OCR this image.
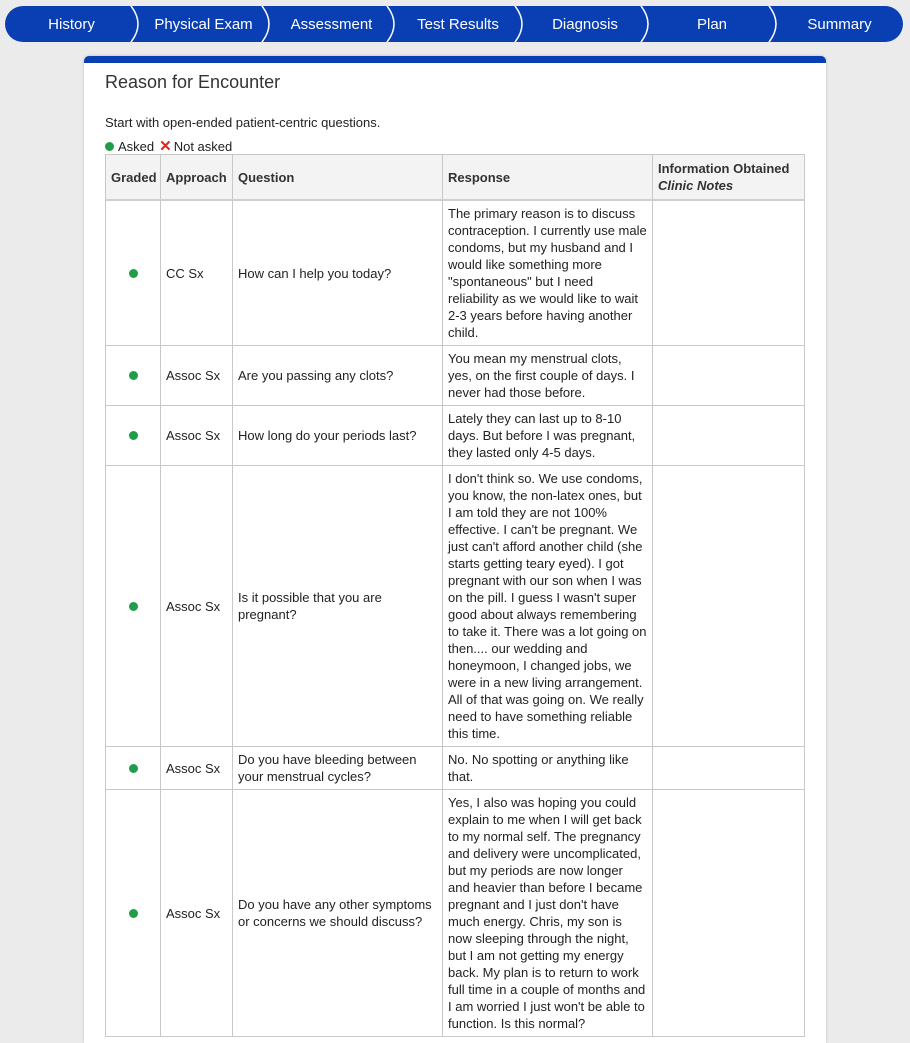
History	Physical Exam	Assessment	Test Results	Diagnosis	Plan	Summary
Reason for Encounter
Start with open-ended patient-centric questions.
Asked ✕ Not asked
Graded	Approach	Question	Response	Information Obtained
Clinic Notes

	CC Sx	How can I help you today?	The primary reason is to discuss contraception. I currently use male condoms, but my husband and I would like something more "spontaneous" but I need reliability as we would like to wait 2-3 years before having another child.	
	Assoc Sx	Are you passing any clots?	You mean my menstrual clots, yes, on the first couple of days. I never had those before.	
	Assoc Sx	How long do your periods last?	Lately they can last up to 8-10 days. But before I was pregnant, they lasted only 4-5 days.	
	Assoc Sx	Is it possible that you are pregnant?	I don't think so. We use condoms, you know, the non-latex ones, but I am told they are not 100% effective. I can't be pregnant. We just can't afford another child (she starts getting teary eyed). I got pregnant with our son when I was on the pill. I guess I wasn't super good about always remembering to take it. There was a lot going on then.... our wedding and honeymoon, I changed jobs, we were in a new living arrangement. All of that was going on. We really need to have something reliable this time.	
	Assoc Sx	Do you have bleeding between your menstrual cycles?	No. No spotting or anything like that.	
	Assoc Sx	Do you have any other symptoms or concerns we should discuss?	Yes, I also was hoping you could explain to me when I will get back to my normal self. The pregnancy and delivery were uncomplicated, but my periods are now longer and heavier than before I became pregnant and I just don't have much energy. Chris, my son is now sleeping through the night, but I am not getting my energy back. My plan is to return to work full time in a couple of months and I am worried I just won't be able to function. Is this normal?	
